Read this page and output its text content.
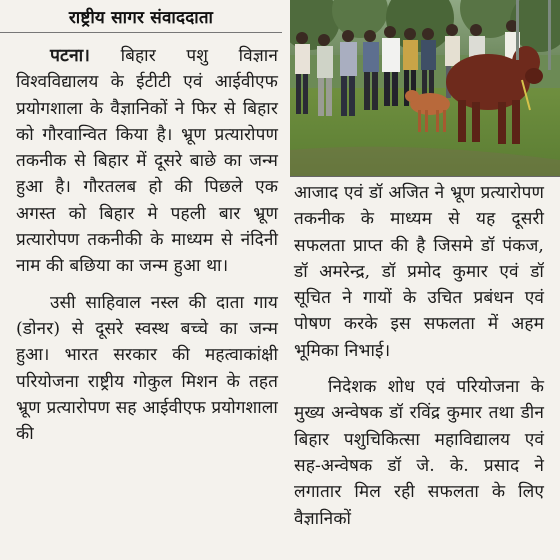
राष्ट्रीय सागर संवाददाता

पटना। बिहार पशु विज्ञान विश्वविद्यालय के ईटीटी एवं आईवीएफ प्रयोगशाला के वैज्ञानिकों ने फिर से बिहार को गौरवान्वित किया है। भ्रूण प्रत्यारोपण तकनीक से बिहार में दूसरे बाछे का जन्म हुआ है। गौरतलब हो की पिछले एक अगस्त को बिहार मे पहली बार भ्रूण प्रत्यारोपण तकनीकी के माध्यम से नंदिनी नाम की बछिया का जन्म हुआ था।

उसी साहिवाल नस्ल की दाता गाय (डोनर) से दूसरे स्वस्थ बच्चे का जन्म हुआ। भारत सरकार की महत्वाकांक्षी परियोजना राष्ट्रीय गोकुल मिशन के तहत भ्रूण प्रत्यारोपण सह आईवीएफ प्रयोगशाला की

आजाद एवं डॉ अजित ने भ्रूण प्रत्यारोपण तकनीक के माध्यम से यह दूसरी सफलता प्राप्त की है जिसमे डॉ पंकज, डॉ अमरेन्द्र, डॉ प्रमोद कुमार एवं डॉ सूचित ने गायों के उचित प्रबंधन एवं पोषण करके इस सफलता में अहम भूमिका निभाई।

निदेशक शोध एवं परियोजना के मुख्य अन्वेषक डॉ रविंद्र कुमार तथा डीन बिहार पशुचिकित्सा महाविद्यालय एवं सह-अन्वेषक डॉ जे. के. प्रसाद ने लगातार मिल रही सफलता के लिए वैज्ञानिकों
